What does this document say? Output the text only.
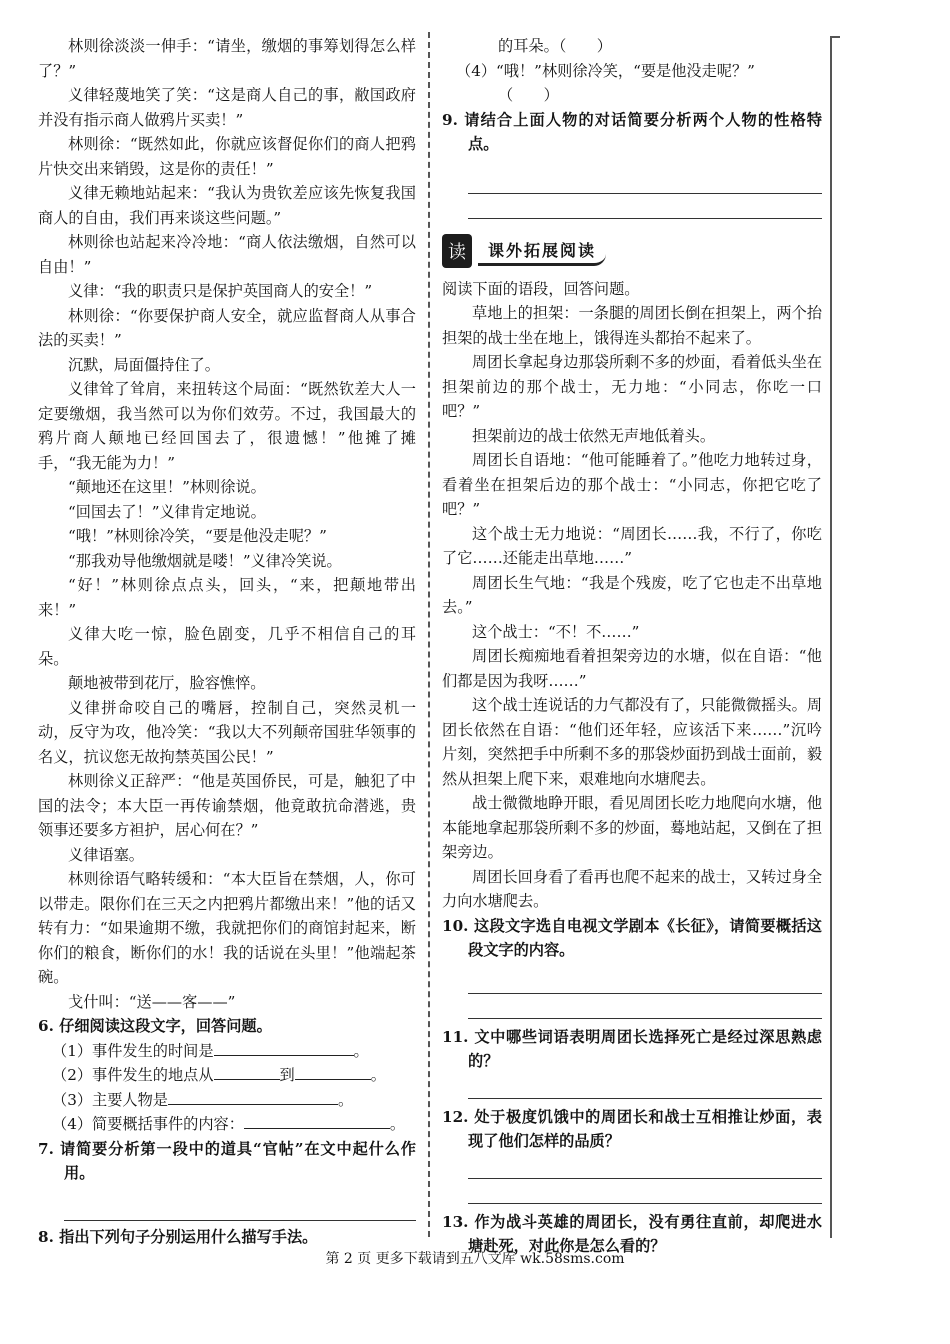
林则徐淡淡一伸手：“请坐，缴烟的事筹划得怎么样了？”

义律轻蔑地笑了笑：“这是商人自己的事，敝国政府并没有指示商人做鸦片买卖！”

林则徐：“既然如此，你就应该督促你们的商人把鸦片快交出来销毁，这是你的责任！”

义律无赖地站起来：“我认为贵钦差应该先恢复我国商人的自由，我们再来谈这些问题。”

林则徐也站起来冷冷地：“商人依法缴烟，自然可以自由！”

义律：“我的职责只是保护英国商人的安全！”

林则徐：“你要保护商人安全，就应监督商人从事合法的买卖！”

沉默，局面僵持住了。

义律耸了耸肩，来扭转这个局面：“既然钦差大人一定要缴烟，我当然可以为你们效劳。不过，我国最大的鸦片商人颠地已经回国去了，很遗憾！”他摊了摊手，“我无能为力！”

“颠地还在这里！”林则徐说。

“回国去了！”义律肯定地说。

“哦！”林则徐冷笑，“要是他没走呢？”

“那我劝导他缴烟就是喽！”义律冷笑说。

“好！”林则徐点点头，回头，“来，把颠地带出来！”

义律大吃一惊，脸色剧变，几乎不相信自己的耳朵。

颠地被带到花厅，脸容憔悴。

义律拼命咬自己的嘴唇，控制自己，突然灵机一动，反守为攻，他冷笑：“我以大不列颠帝国驻华领事的名义，抗议您无故拘禁英国公民！”

林则徐义正辞严：“他是英国侨民，可是，触犯了中国的法令；本大臣一再传谕禁烟，他竟敢抗命潜逃，贵领事还要多方袒护，居心何在？”

义律语塞。

林则徐语气略转缓和：“本大臣旨在禁烟，人，你可以带走。限你们在三天之内把鸦片都缴出来！”他的话又转有力：“如果逾期不缴，我就把你们的商馆封起来，断你们的粮食，断你们的水！我的话说在头里！”他端起茶碗。

戈什叫：“送——客——”

6. 仔细阅读这段文字，回答问题。

（1）事件发生的时间是	。

（2）事件发生的地点从	到	。

（3）主要人物是	。

（4）简要概括事件的内容：	。

7. 请简要分析第一段中的道具“官帖”在文中起什么作用。

8. 指出下列句子分别运用什么描写手法。

的耳朵。（　　）

（4）“哦！”林则徐冷笑，“要是他没走呢？”

（　　）

9. 请结合上面人物的对话简要分析两个人物的性格特点。

读	课外拓展阅读

阅读下面的语段，回答问题。

草地上的担架：一条腿的周团长倒在担架上，两个抬担架的战士坐在地上，饿得连头都抬不起来了。

周团长拿起身边那袋所剩不多的炒面，看着低头坐在担架前边的那个战士，无力地：“小同志，你吃一口吧？”

担架前边的战士依然无声地低着头。

周团长自语地：“他可能睡着了。”他吃力地转过身，看着坐在担架后边的那个战士：“小同志，你把它吃了吧？”

这个战士无力地说：“周团长……我，不行了，你吃了它……还能走出草地……”

周团长生气地：“我是个残废，吃了它也走不出草地去。”

这个战士：“不！不……”

周团长痴痴地看着担架旁边的水塘，似在自语：“他们都是因为我呀……”

这个战士连说话的力气都没有了，只能微微摇头。周团长依然在自语：“他们还年轻，应该活下来……”沉吟片刻，突然把手中所剩不多的那袋炒面扔到战士面前，毅然从担架上爬下来，艰难地向水塘爬去。

战士微微地睁开眼，看见周团长吃力地爬向水塘，他本能地拿起那袋所剩不多的炒面，蓦地站起，又倒在了担架旁边。

周团长回身看了看再也爬不起来的战士，又转过身全力向水塘爬去。

10. 这段文字选自电视文学剧本《长征》，请简要概括这段文字的内容。

11. 文中哪些词语表明周团长选择死亡是经过深思熟虑的？

12. 处于极度饥饿中的周团长和战士互相推让炒面，表现了他们怎样的品质？

13. 作为战斗英雄的周团长，没有勇往直前，却爬进水塘赴死，对此你是怎么看的？

第 2 页 更多下载请到五八文库 wk.58sms.com
